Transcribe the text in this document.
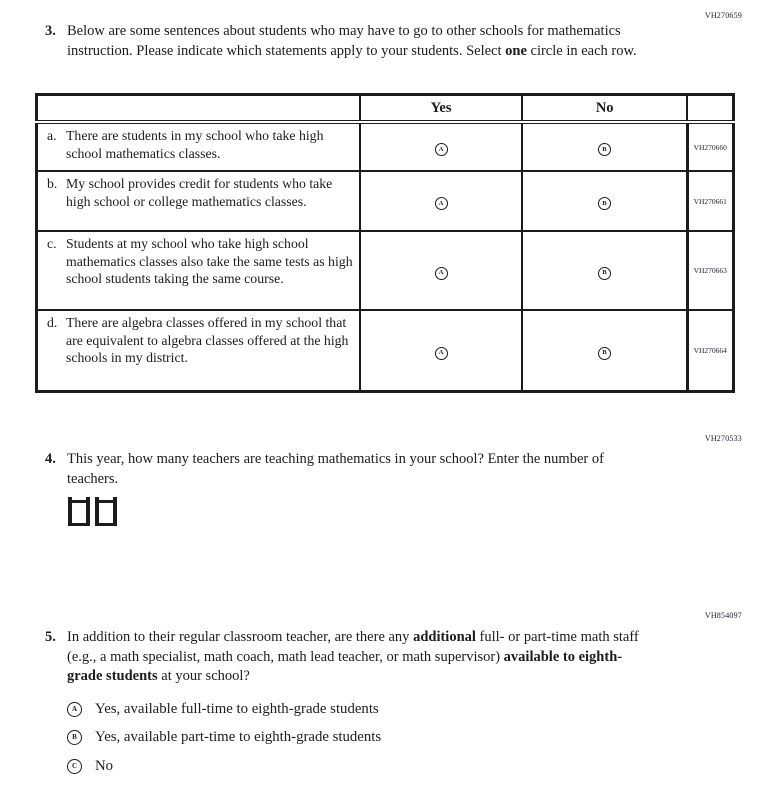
VH270659
3. Below are some sentences about students who may have to go to other schools for mathematics instruction. Please indicate which statements apply to your students. Select one circle in each row.
	Yes	No	

a. There are students in my school who take high school mathematics classes.	A	B	VH270660

b. My school provides credit for students who take high school or college mathematics classes.	A	B	VH270661

c. Students at my school who take high school mathematics classes also take the same tests as high school students taking the same course.	A	B	VH270663

d. There are algebra classes offered in my school that are equivalent to algebra classes offered at the high schools in my district.	A	B	VH270664
VH270533
4. This year, how many teachers are teaching mathematics in your school? Enter the number of teachers.
VH854097
5. In addition to their regular classroom teacher, are there any additional full- or part-time math staff (e.g., a math specialist, math coach, math lead teacher, or math supervisor) available to eighth-grade students at your school?
A	Yes, available full-time to eighth-grade students
B	Yes, available part-time to eighth-grade students
C	No
